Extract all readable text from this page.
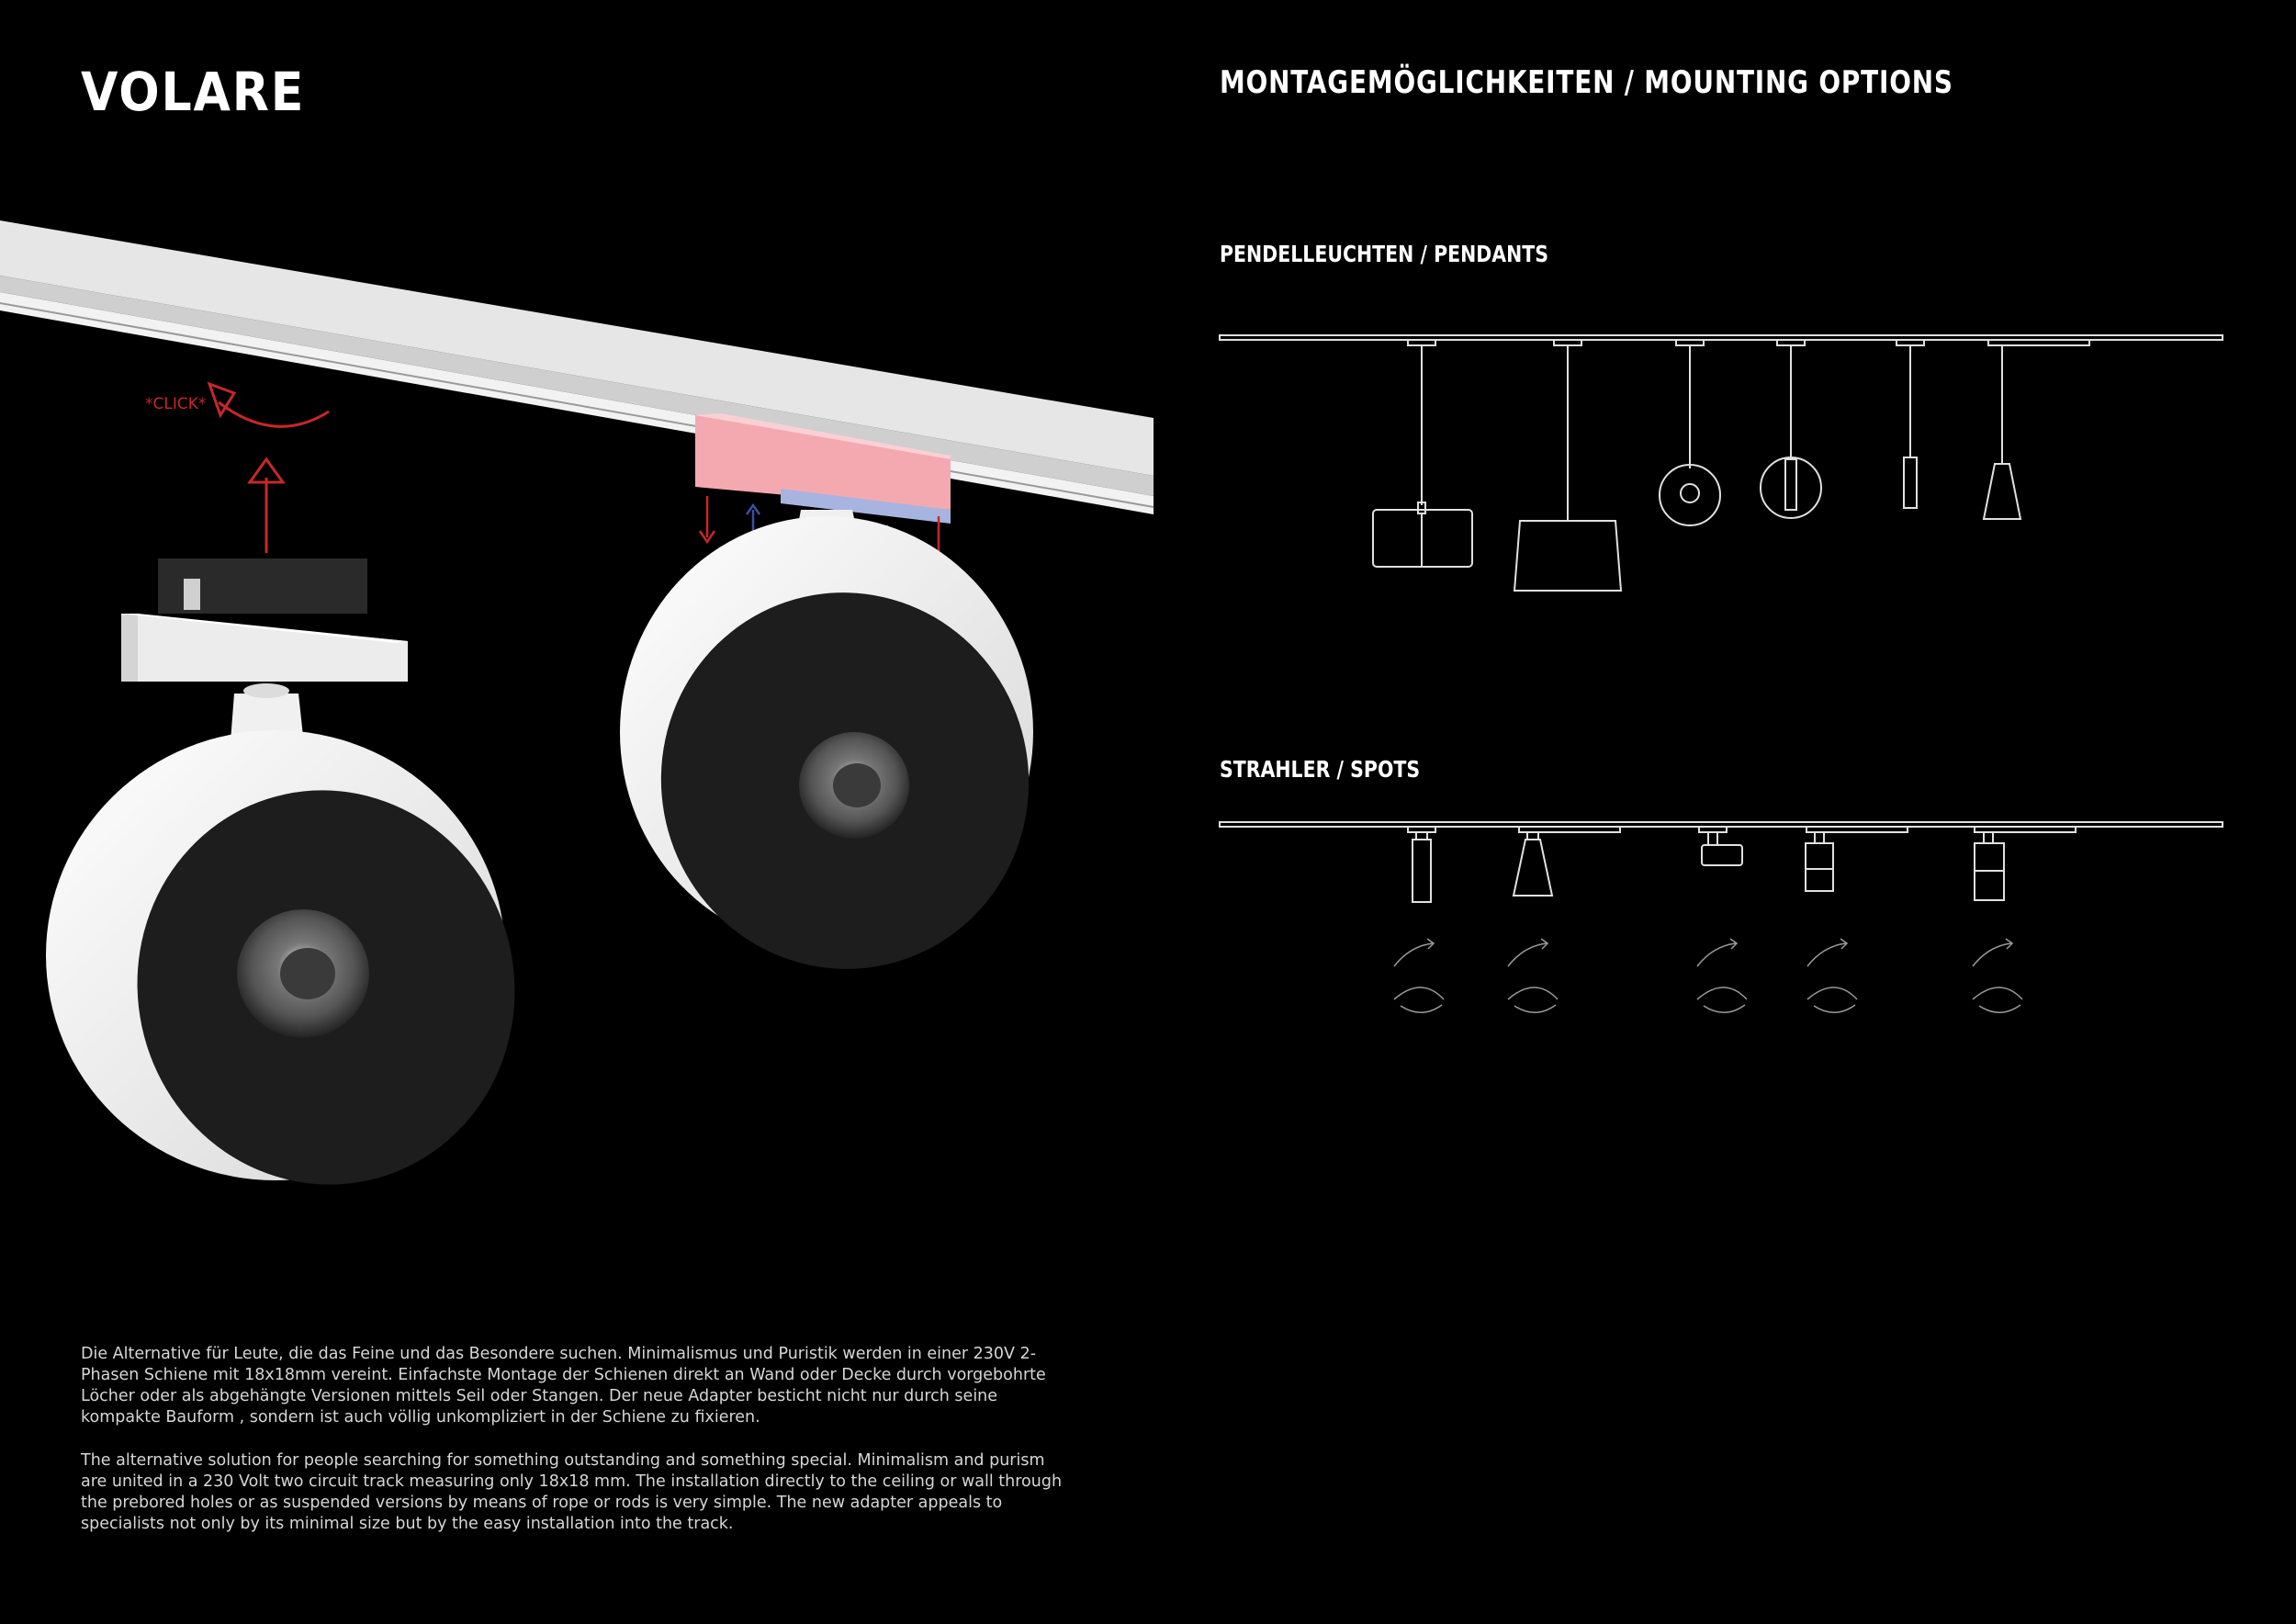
VOLARE	MONTAGEMÖGLICHKEITEN / MOUNTING OPTIONS
PENDELLEUCHTEN / PENDANTS
STRAHLER / SPOTS
*CLICK*
Die Alternative für Leute, die das Feine und das Besondere suchen. Minimalismus und Puristik werden in einer 230V 2-Phasen Schiene mit 18x18mm vereint. Einfachste Montage der Schienen direkt an Wand oder Decke durch vorgebohrte Löcher oder als abgehängte Versionen mittels Seil oder Stangen. Der neue Adapter besticht nicht nur durch seine kompakte Bauform , sondern ist auch völlig unkompliziert in der Schiene zu fixieren.
The alternative solution for people searching for something outstanding and something special. Minimalism and purism are united in a 230 Volt two circuit track measuring only 18x18 mm. The installation directly to the ceiling or wall through the prebored holes or as suspended versions by means of rope or rods is very simple. The new adapter appeals to specialists not only by its minimal size but by the easy installation into the track.
